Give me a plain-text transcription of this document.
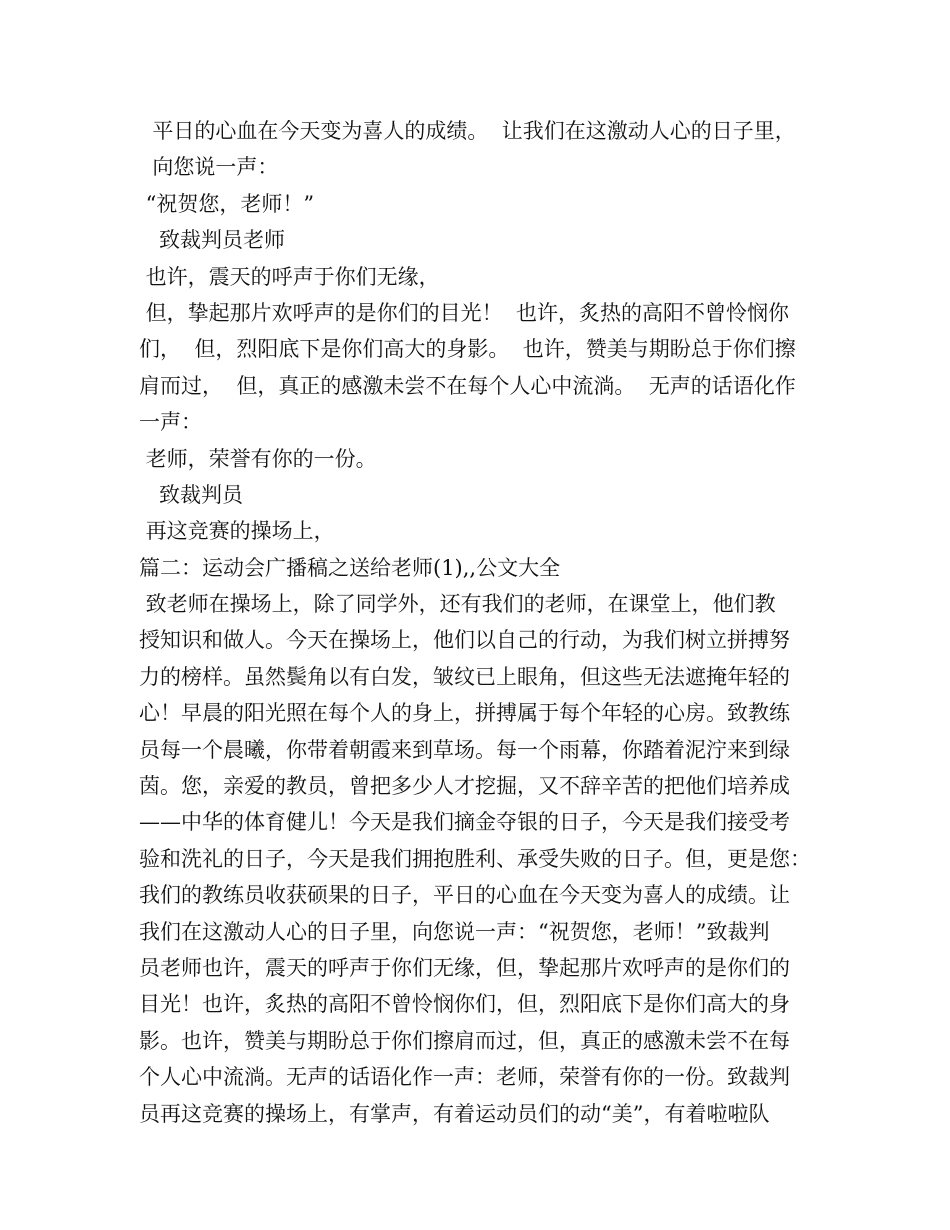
平日的心血在今天变为喜人的成绩。  让我们在这激动人心的日子里，
向您说一声：
“祝贺您，老师！”
致裁判员老师
也许，震天的呼声于你们无缘，
但，挚起那片欢呼声的是你们的目光！  也许，炙热的高阳不曾怜悯你
们，  但，烈阳底下是你们高大的身影。  也许，赞美与期盼总于你们擦
肩而过，  但，真正的感激未尝不在每个人心中流淌。  无声的话语化作
一声：
老师，荣誉有你的一份。
致裁判员
再这竞赛的操场上，
篇二：运动会广播稿之送给老师(1),,公文大全
致老师在操场上，除了同学外，还有我们的老师，在课堂上，他们教
授知识和做人。今天在操场上，他们以自己的行动，为我们树立拼搏努
力的榜样。虽然鬓角以有白发，皱纹已上眼角，但这些无法遮掩年轻的
心！早晨的阳光照在每个人的身上，拼搏属于每个年轻的心房。致教练
员每一个晨曦，你带着朝霞来到草场。每一个雨幕，你踏着泥泞来到绿
茵。您，亲爱的教员，曾把多少人才挖掘，又不辞辛苦的把他们培养成
——中华的体育健儿！今天是我们摘金夺银的日子，今天是我们接受考
验和洗礼的日子，今天是我们拥抱胜利、承受失败的日子。但，更是您：
我们的教练员收获硕果的日子，平日的心血在今天变为喜人的成绩。让
我们在这激动人心的日子里，向您说一声：“祝贺您，老师！”致裁判
员老师也许，震天的呼声于你们无缘，但，挚起那片欢呼声的是你们的
目光！也许，炙热的高阳不曾怜悯你们，但，烈阳底下是你们高大的身
影。也许，赞美与期盼总于你们擦肩而过，但，真正的感激未尝不在每
个人心中流淌。无声的话语化作一声：老师，荣誉有你的一份。致裁判
员再这竞赛的操场上，有掌声，有着运动员们的动“美”，有着啦啦队
